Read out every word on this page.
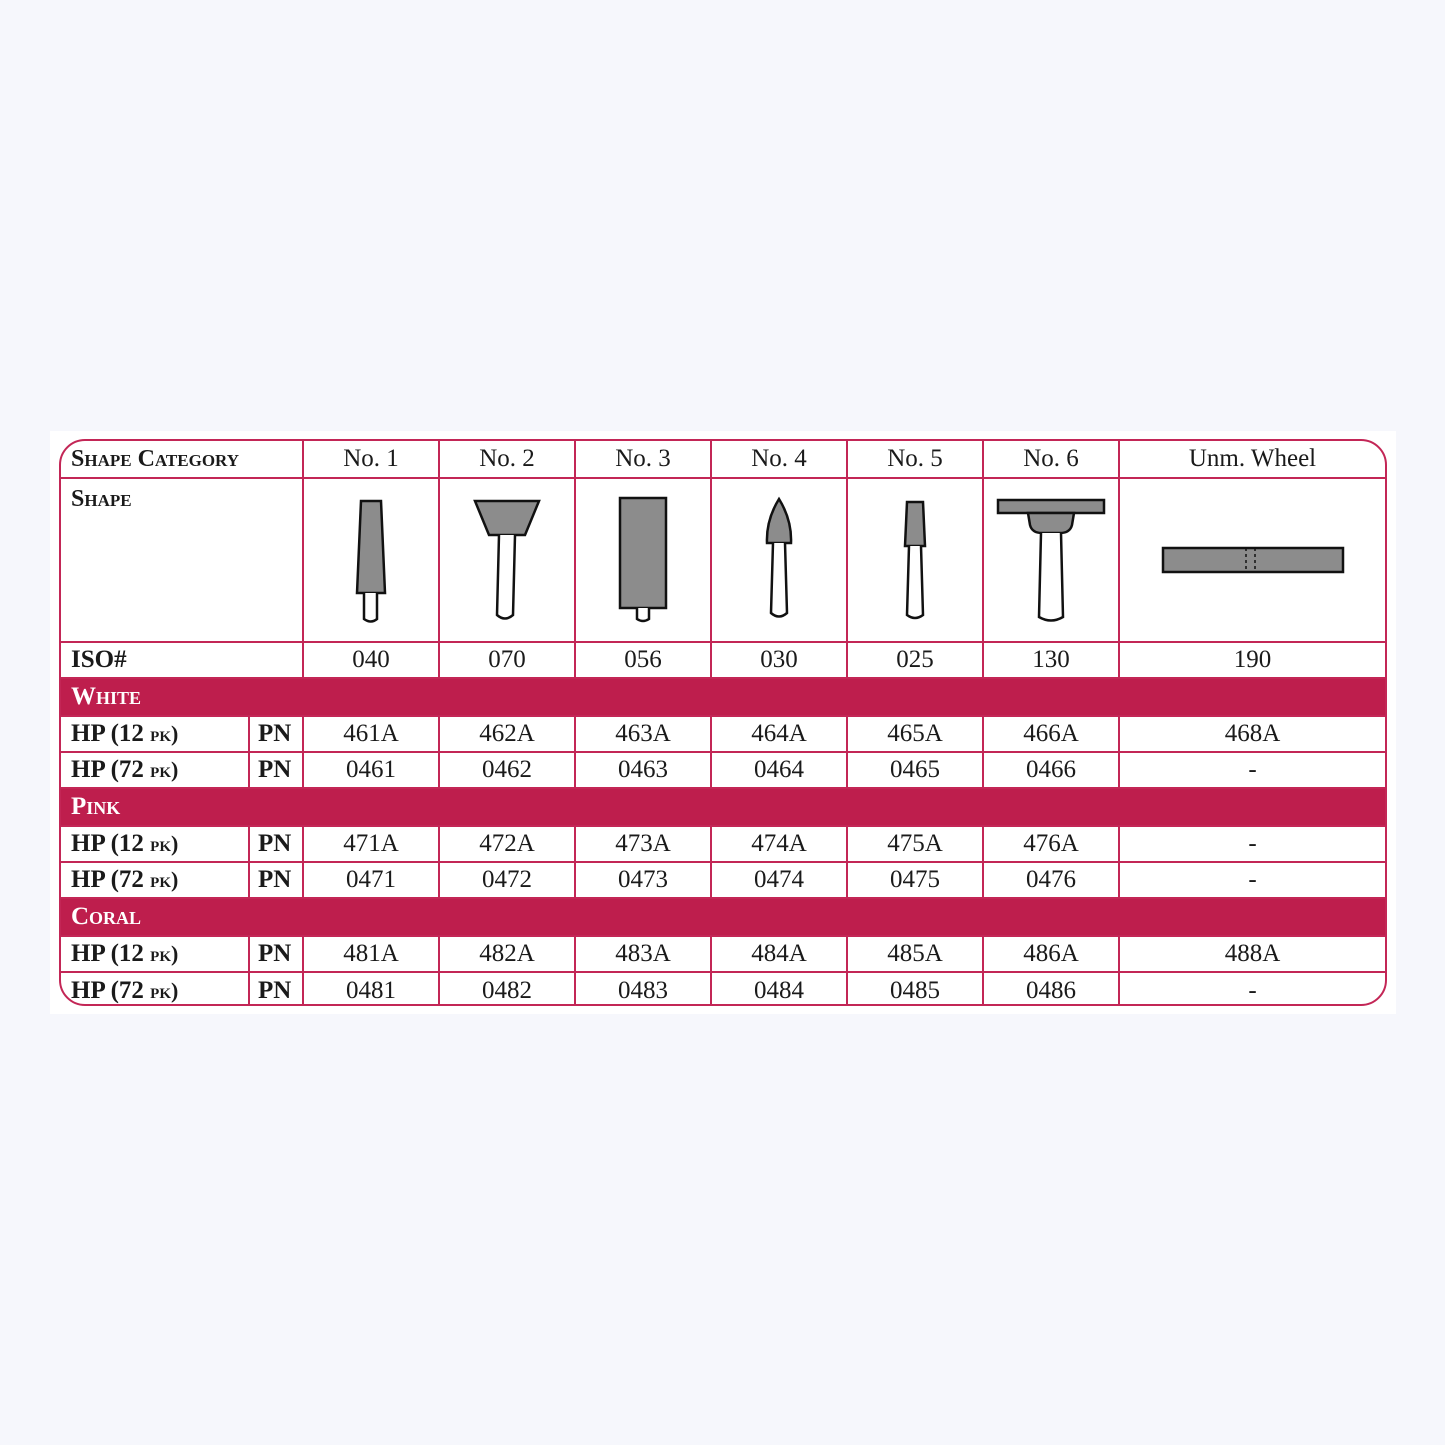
Shape Category		No. 1	No. 2	No. 3	No. 4	No. 5	No. 6	Unm. Wheel
Shape	

ISO#		040	070	056	030	025	130	190
White								
HP (12 pk)	PN	461A	462A	463A	464A	465A	466A	468A
HP (72 pk)	PN	0461	0462	0463	0464	0465	0466	-
Pink								
HP (12 pk)	PN	471A	472A	473A	474A	475A	476A	-
HP (72 pk)	PN	0471	0472	0473	0474	0475	0476	-
Coral								
HP (12 pk)	PN	481A	482A	483A	484A	485A	486A	488A
HP (72 pk)	PN	0481	0482	0483	0484	0485	0486	-
